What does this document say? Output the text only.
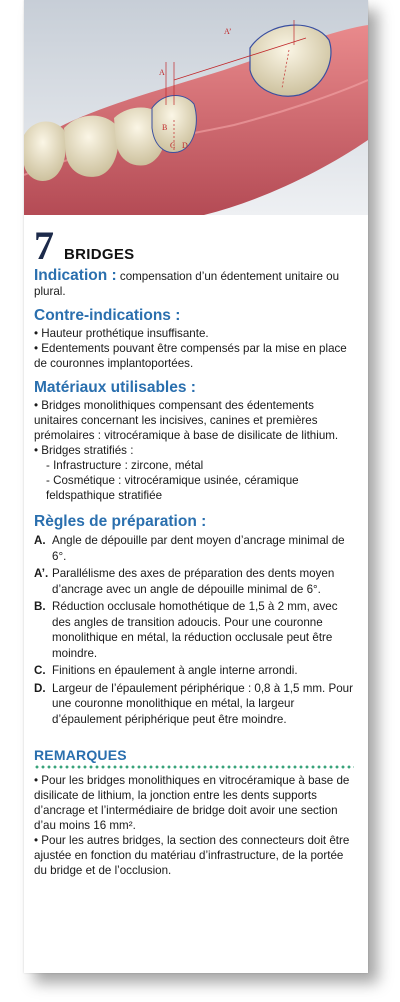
A’
A
B
C D
7 BRIDGES
Indication : compensation d’un édentement unitaire ou plural.
Contre-indications :
• Hauteur prothétique insuffisante.
• Edentements pouvant être compensés par la mise en place de couronnes implantoportées.
Matériaux utilisables :
• Bridges monolithiques compensant des édentements unitaires concernant les incisives, canines et premières prémolaires : vitrocéramique à base de disilicate de lithium.
• Bridges stratifiés :
- Infrastructure : zircone, métal
- Cosmétique : vitrocéramique usinée, céramique feldspathique stratifiée
Règles de préparation :
A. Angle de dépouille par dent moyen d’ancrage minimal de 6°.
A’. Parallélisme des axes de préparation des dents moyen d’ancrage avec un angle de dépouille minimal de 6°.
B. Réduction occlusale homothétique de 1,5 à 2 mm, avec des angles de transition adoucis. Pour une couronne monolithique en métal, la réduction occlusale peut être moindre.
C. Finitions en épaulement à angle interne arrondi.
D. Largeur de l’épaulement périphérique : 0,8 à 1,5 mm. Pour une couronne monolithique en métal, la largeur d’épaulement périphérique peut être moindre.
REMARQUES
• Pour les bridges monolithiques en vitrocéramique à base de disilicate de lithium, la jonction entre les dents supports d’ancrage et l’intermédiaire de bridge doit avoir une section d’au moins 16 mm².
• Pour les autres bridges, la section des connecteurs doit être ajustée en fonction du matériau d’infrastructure, de la portée du bridge et de l’occlusion.
